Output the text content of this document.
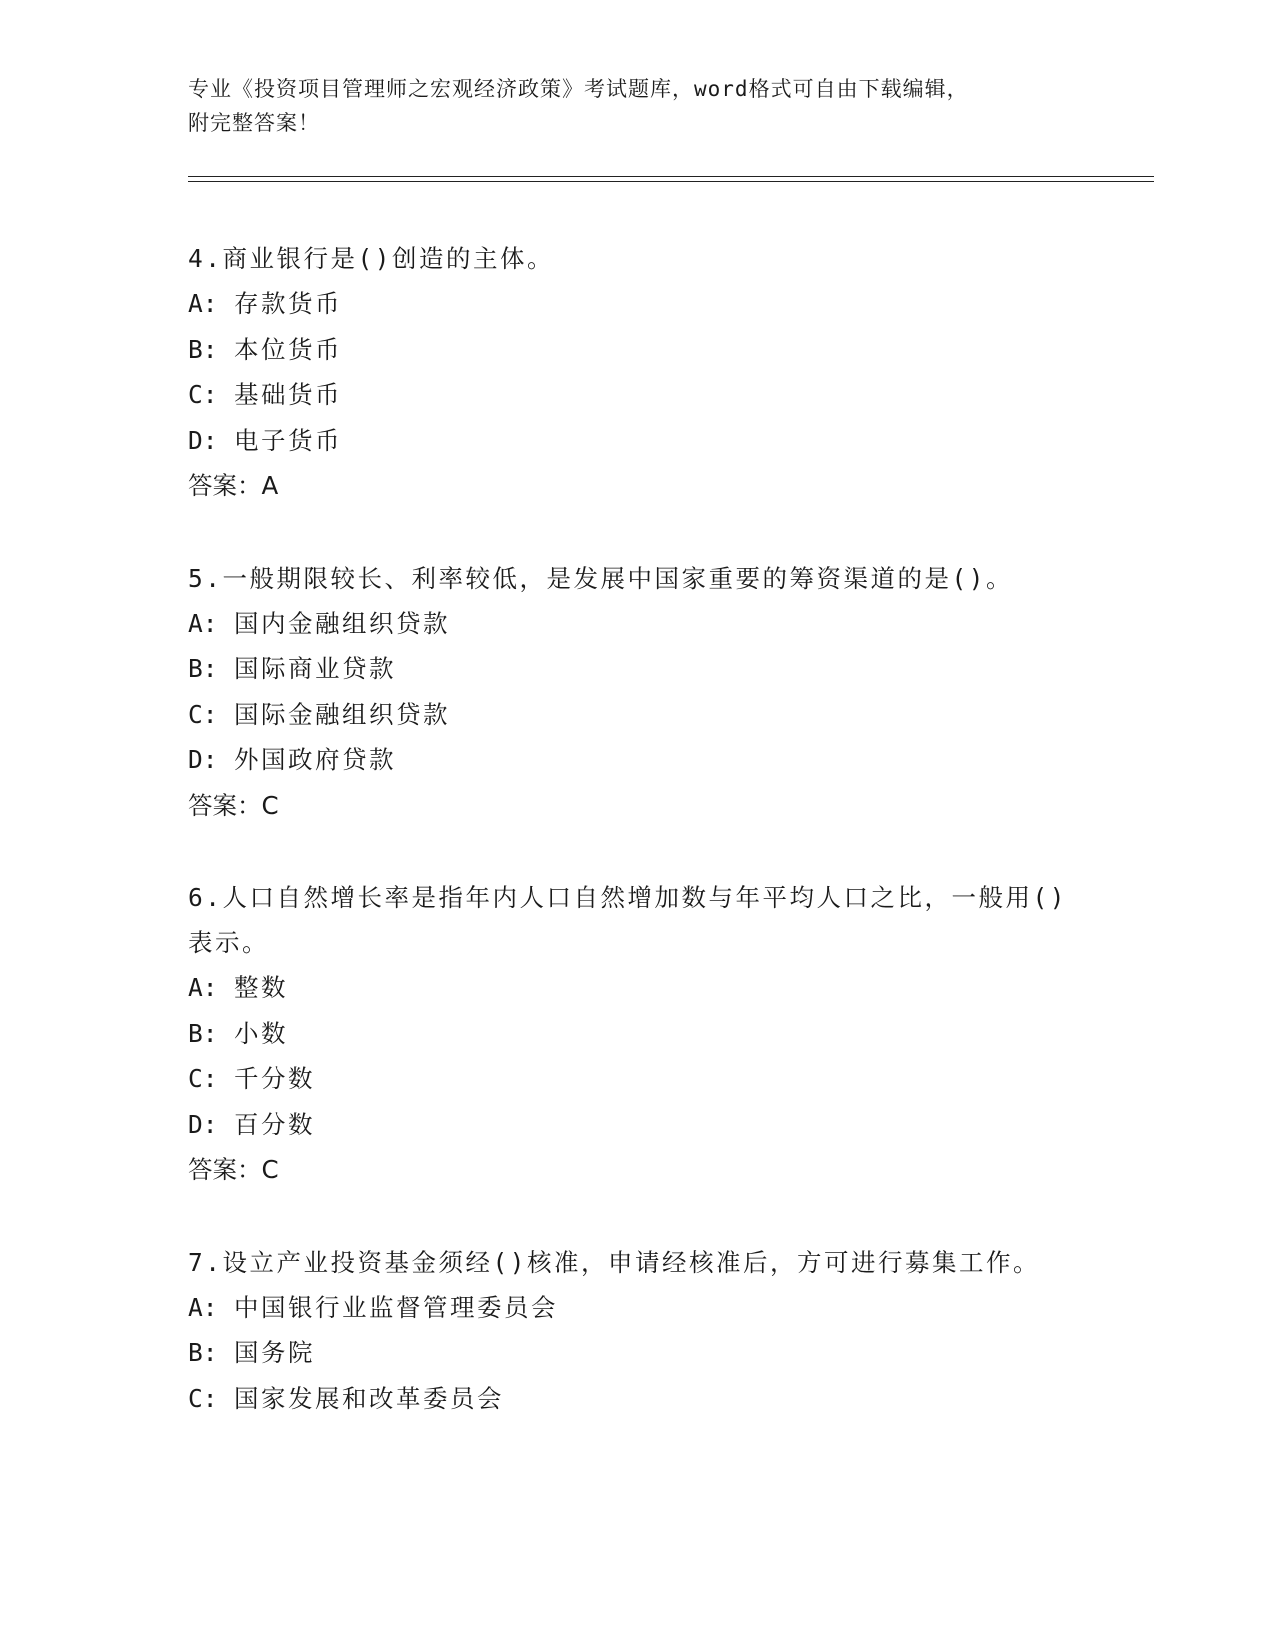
专业《投资项目管理师之宏观经济政策》考试题库，word格式可自由下载编辑，
附完整答案！

4.商业银行是()创造的主体。

A: 存款货币

B: 本位货币

C: 基础货币

D: 电子货币

答案：A

5.一般期限较长、利率较低，是发展中国家重要的筹资渠道的是()。

A: 国内金融组织贷款

B: 国际商业贷款

C: 国际金融组织贷款

D: 外国政府贷款

答案：C

6.人口自然增长率是指年内人口自然增加数与年平均人口之比，一般用()表示。

A: 整数

B: 小数

C: 千分数

D: 百分数

答案：C

7.设立产业投资基金须经()核准，申请经核准后，方可进行募集工作。

A: 中国银行业监督管理委员会

B: 国务院

C: 国家发展和改革委员会
